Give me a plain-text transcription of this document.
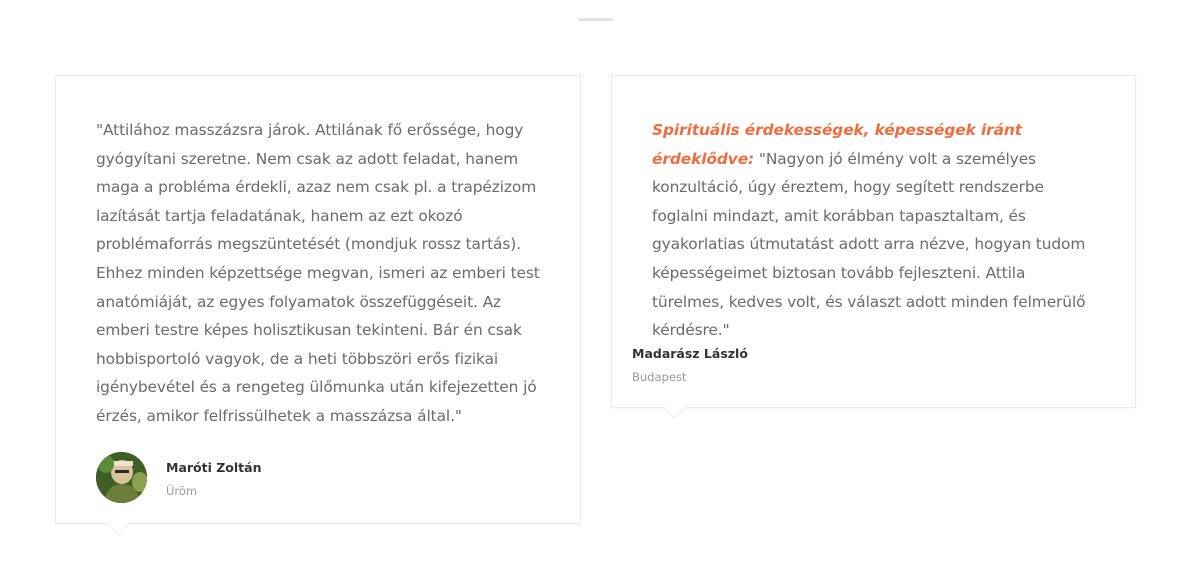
"Attilához masszázsra járok. Attilának fő erőssége, hogy gyógyítani szeretne. Nem csak az adott feladat, hanem maga a probléma érdekli, azaz nem csak pl. a trapézizom lazítását tartja feladatának, hanem az ezt okozó problémaforrás megszüntetését (mondjuk rossz tartás). Ehhez minden képzettsége megvan, ismeri az emberi test anatómiáját, az egyes folyamatok összefüggéseit. Az emberi testre képes holisztikusan tekinteni. Bár én csak hobbisportoló vagyok, de a heti többszöri erős fizikai igénybevétel és a rengeteg ülőmunka után kifejezetten jó érzés, amikor felfrissülhetek a masszázsa által."
Maróti Zoltán
Üröm
Spirituális érdekességek, képességek iránt érdeklődve: "Nagyon jó élmény volt a személyes konzultáció, úgy éreztem, hogy segített rendszerbe foglalni mindazt, amit korábban tapasztaltam, és gyakorlatias útmutatást adott arra nézve, hogyan tudom képességeimet biztosan tovább fejleszteni. Attila türelmes, kedves volt, és választ adott minden felmerülő kérdésre."
Madarász László
Budapest
